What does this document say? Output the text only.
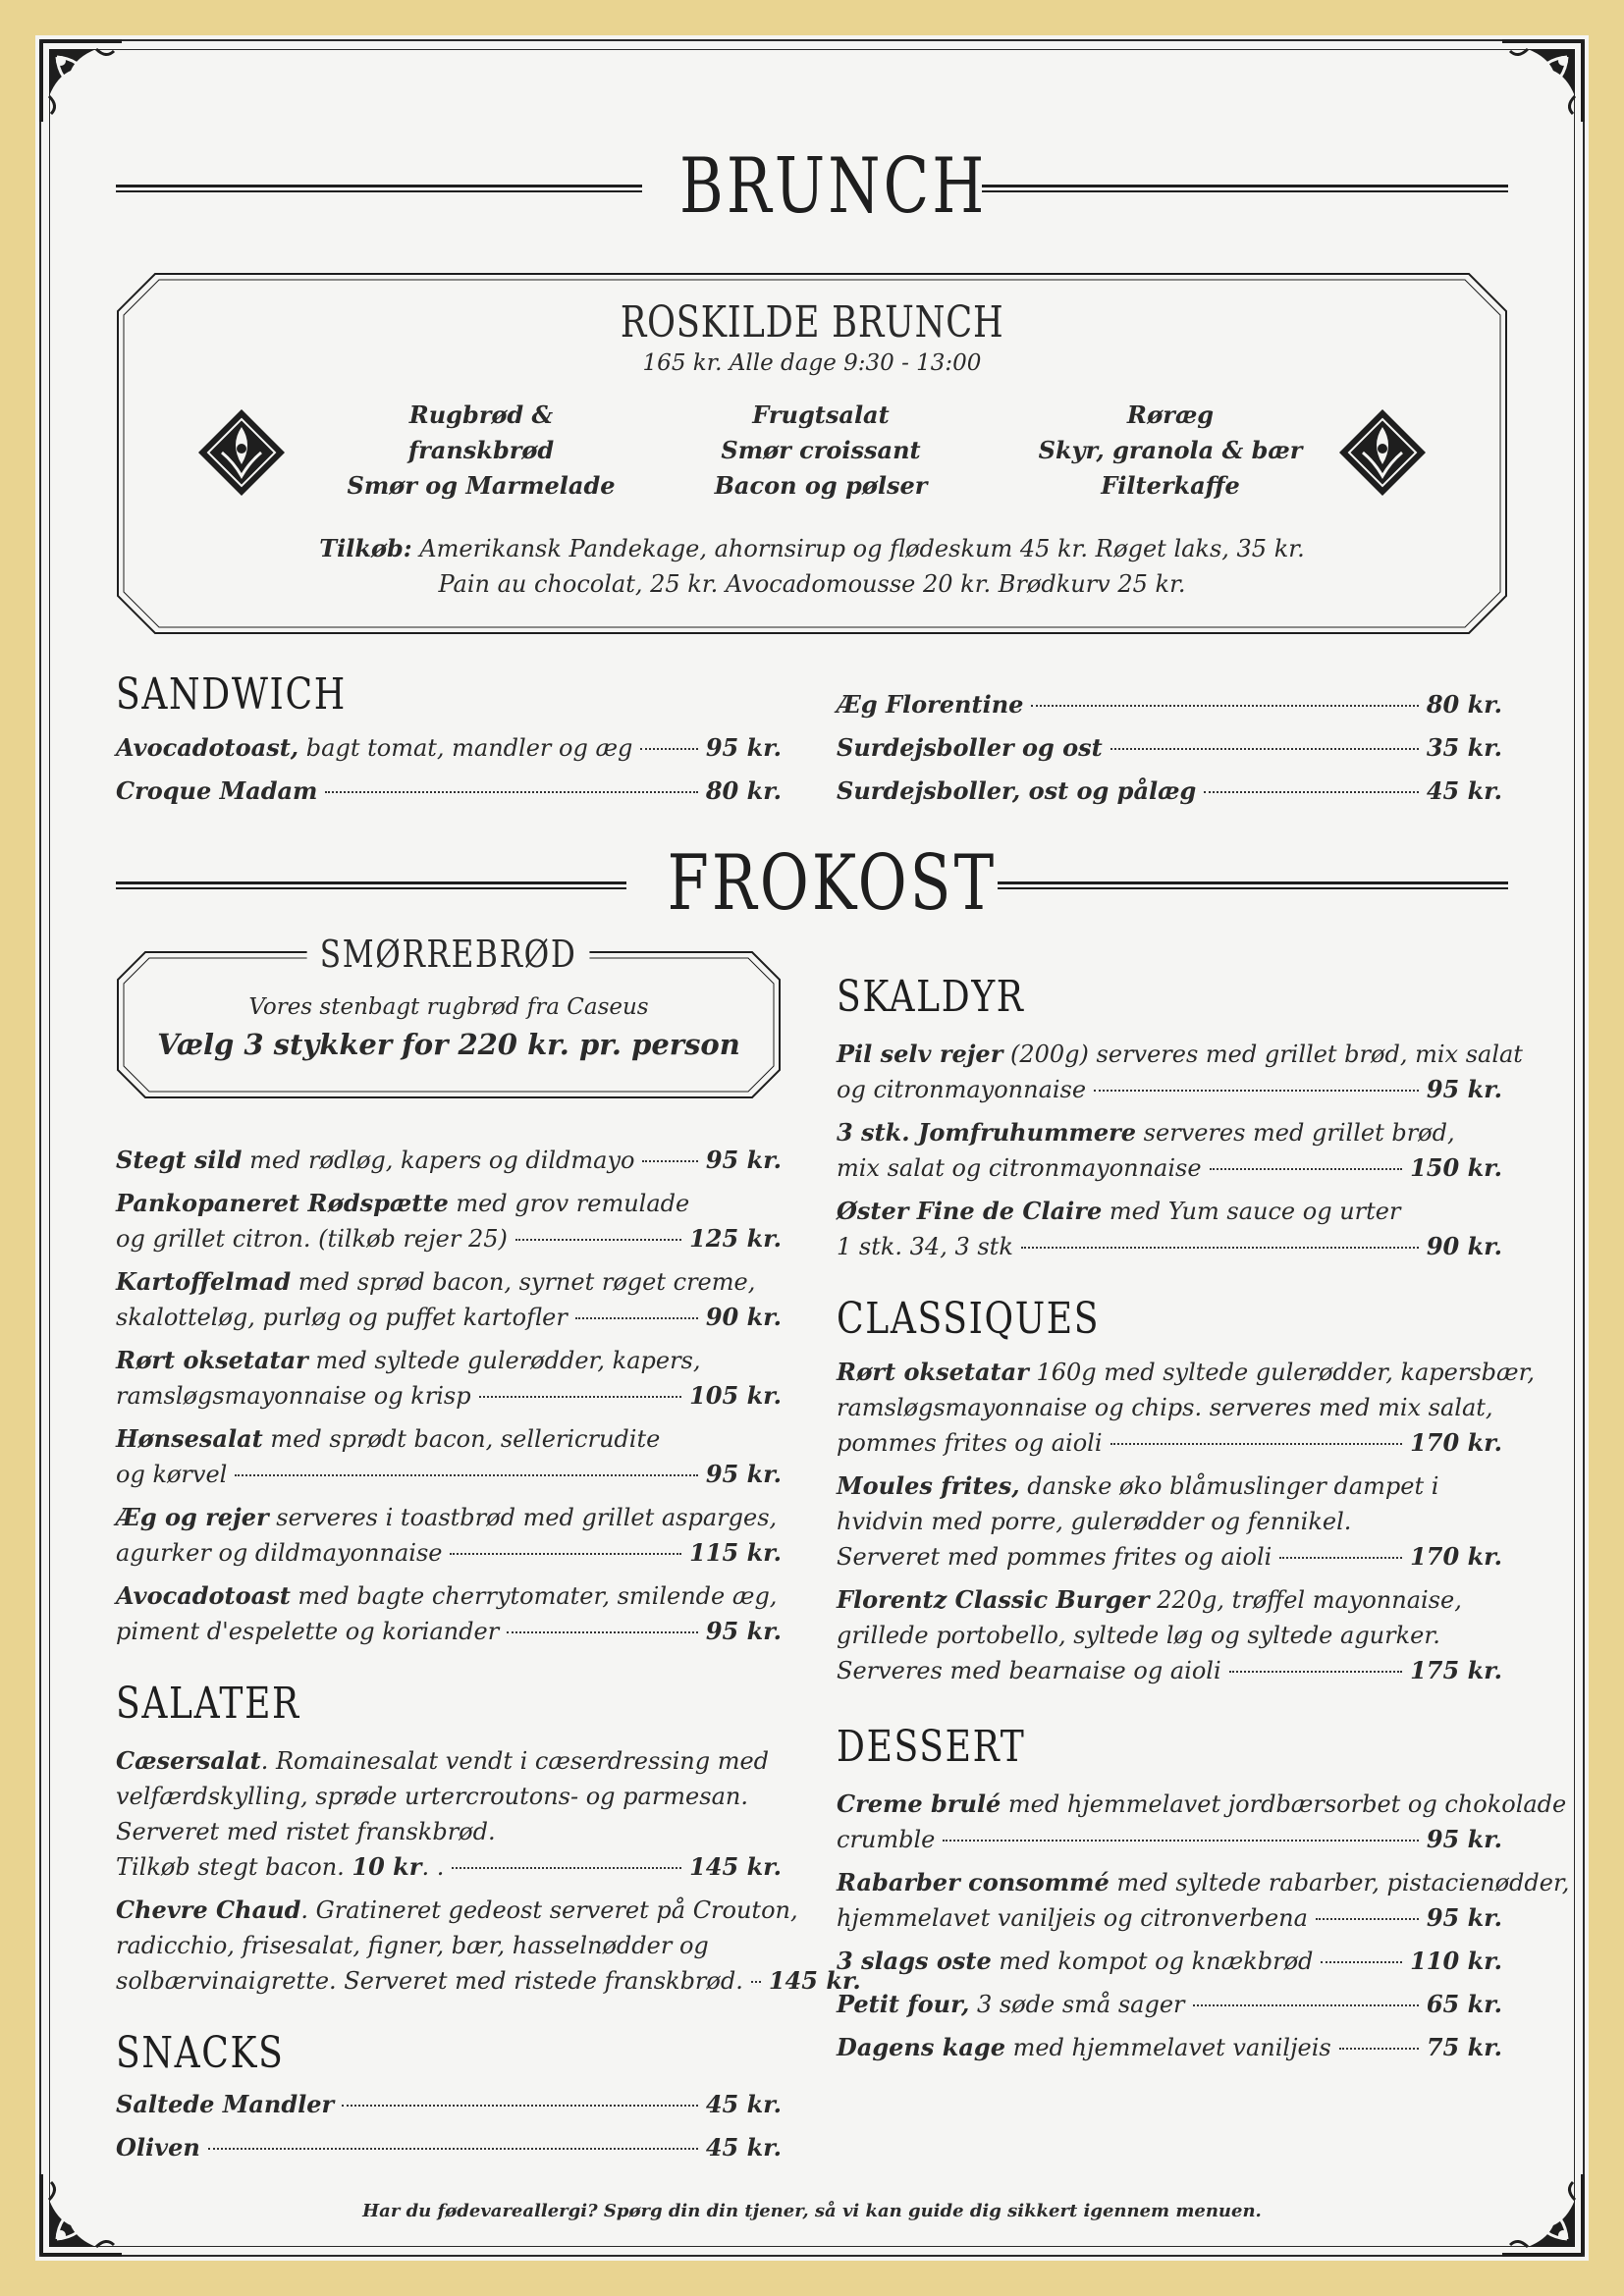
BRUNCH
ROSKILDE BRUNCH
165 kr. Alle dage 9:30 - 13:00
Rugbrød &
franskbrød
Smør og Marmelade
Frugtsalat
Smør croissant
Bacon og pølser
Røræg
Skyr, granola & bær
Filterkaffe
Tilkøb: Amerikansk Pandekage, ahornsirup og flødeskum 45 kr. Røget laks, 35 kr.
Pain au chocolat, 25 kr. Avocadomousse 20 kr. Brødkurv 25 kr.
SANDWICH
Avocadotoast, bagt tomat, mandler og æg	95 kr.
Croque Madam	80 kr.
Æg Florentine	80 kr.
Surdejsboller og ost	35 kr.
Surdejsboller, ost og pålæg	45 kr.
FROKOST
SMØRREBRØD
Vores stenbagt rugbrød fra Caseus
Vælg 3 stykker for 220 kr. pr. person
Stegt sild med rødløg, kapers og dildmayo	95 kr.
Pankopaneret Rødspætte med grov remulade
og grillet citron. (tilkøb rejer 25)	125 kr.
Kartoffelmad med sprød bacon, syrnet røget creme,
skalotteløg, purløg og puffet kartofler	90 kr.
Rørt oksetatar med syltede gulerødder, kapers,
ramsløgsmayonnaise og krisp	105 kr.
Hønsesalat med sprødt bacon, sellericrudite
og kørvel	95 kr.
Æg og rejer serveres i toastbrød med grillet asparges,
agurker og dildmayonnaise	115 kr.
Avocadotoast med bagte cherrytomater, smilende æg,
piment d'espelette og koriander	95 kr.
SALATER
Cæsersalat. Romainesalat vendt i cæserdressing med
velfærdskylling, sprøde urtercroutons- og parmesan.
Serveret med ristet franskbrød.
Tilkøb stegt bacon. 10 kr. .	145 kr.
Chevre Chaud. Gratineret gedeost serveret på Crouton,
radicchio, frisesalat, figner, bær, hasselnødder og
solbærvinaigrette. Serveret med ristede franskbrød. 145 kr.
SNACKS
Saltede Mandler	45 kr.
Oliven	45 kr.
SKALDYR
Pil selv rejer (200g) serveres med grillet brød, mix salat
og citronmayonnaise	95 kr.
3 stk. Jomfruhummere serveres med grillet brød,
mix salat og citronmayonnaise	150 kr.
Øster Fine de Claire med Yum sauce og urter
1 stk. 34, 3 stk	90 kr.
CLASSIQUES
Rørt oksetatar 160g med syltede gulerødder, kapersbær,
ramsløgsmayonnaise og chips. serveres med mix salat,
pommes frites og aioli	170 kr.
Moules frites, danske øko blåmuslinger dampet i
hvidvin med porre, gulerødder og fennikel.
Serveret med pommes frites og aioli	170 kr.
Florentz Classic Burger 220g, trøffel mayonnaise,
grillede portobello, syltede løg og syltede agurker.
Serveres med bearnaise og aioli	175 kr.
DESSERT
Creme brulé med hjemmelavet jordbærsorbet og chokolade
crumble	95 kr.
Rabarber consommé med syltede rabarber, pistacienødder,
hjemmelavet vaniljeis og citronverbena	95 kr.
3 slags oste med kompot og knækbrød	110 kr.
Petit four, 3 søde små sager	65 kr.
Dagens kage med hjemmelavet vaniljeis	75 kr.
Har du fødevareallergi? Spørg din din tjener, så vi kan guide dig sikkert igennem menuen.
